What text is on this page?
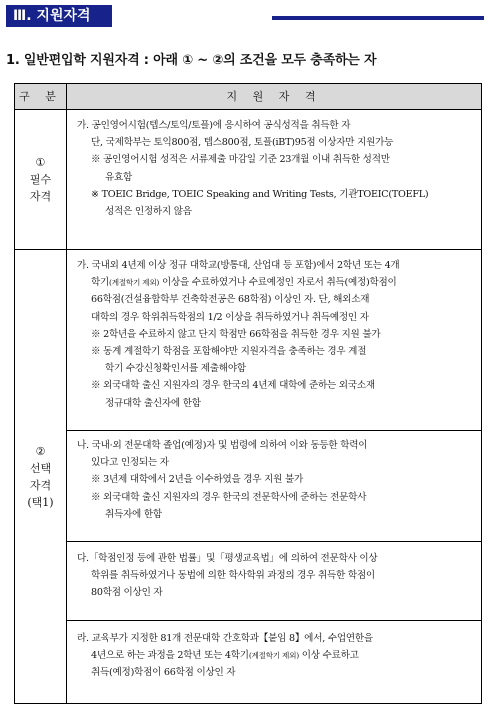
Ⅲ. 지원자격
1. 일반편입학 지원자격 : 아래 ① ~ ②의 조건을 모두 충족하는 자
구 분	지 원 자 격
①
필수
자격

가. 공인영어시험(텝스/토익/토플)에 응시하여 공식성적을 취득한 자

단, 국제학부는 토익800점, 텝스800점, 토플(iBT)95점 이상자만 지원가능

※ 공인영어시험 성적은 서류제출 마감일 기준 23개월 이내 취득한 성적만

유효함

※ TOEIC Bridge, TOEIC Speaking and Writing Tests, 기관TOEIC(TOEFL)

성적은 인정하지 않음

②
선택
자격
(택1)

가. 국내외 4년제 이상 정규 대학교(방통대, 산업대 등 포함)에서 2학년 또는 4개

학기(계절학기 제외) 이상을 수료하였거나 수료예정인 자로서 취득(예정)학점이

66학점(건설융합학부 건축학전공은 68학점) 이상인 자. 단, 해외소재

대학의 경우 학위취득학점의 1/2 이상을 취득하였거나 취득예정인 자

※ 2학년을 수료하지 않고 단지 학점만 66학점을 취득한 경우 지원 불가

※ 동계 계절학기 학점을 포함해야만 지원자격을 충족하는 경우 계절

학기 수강신청확인서를 제출해야함

※ 외국대학 출신 지원자의 경우 한국의 4년제 대학에 준하는 외국소재

정규대학 출신자에 한함

나. 국내·외 전문대학 졸업(예정)자 및 법령에 의하여 이와 동등한 학력이

있다고 인정되는 자

※ 3년제 대학에서 2년을 이수하였을 경우 지원 불가

※ 외국대학 출신 지원자의 경우 한국의 전문학사에 준하는 전문학사

취득자에 한함

다.「학점인정 등에 관한 법률」및「평생교육법」에 의하여 전문학사 이상

학위를 취득하였거나 동법에 의한 학사학위 과정의 경우 취득한 학점이

80학점 이상인 자

라. 교육부가 지정한 81개 전문대학 간호학과【붙임 8】에서, 수업연한을

4년으로 하는 과정을 2학년 또는 4학기(계절학기 제외) 이상 수료하고

취득(예정)학점이 66학점 이상인 자
